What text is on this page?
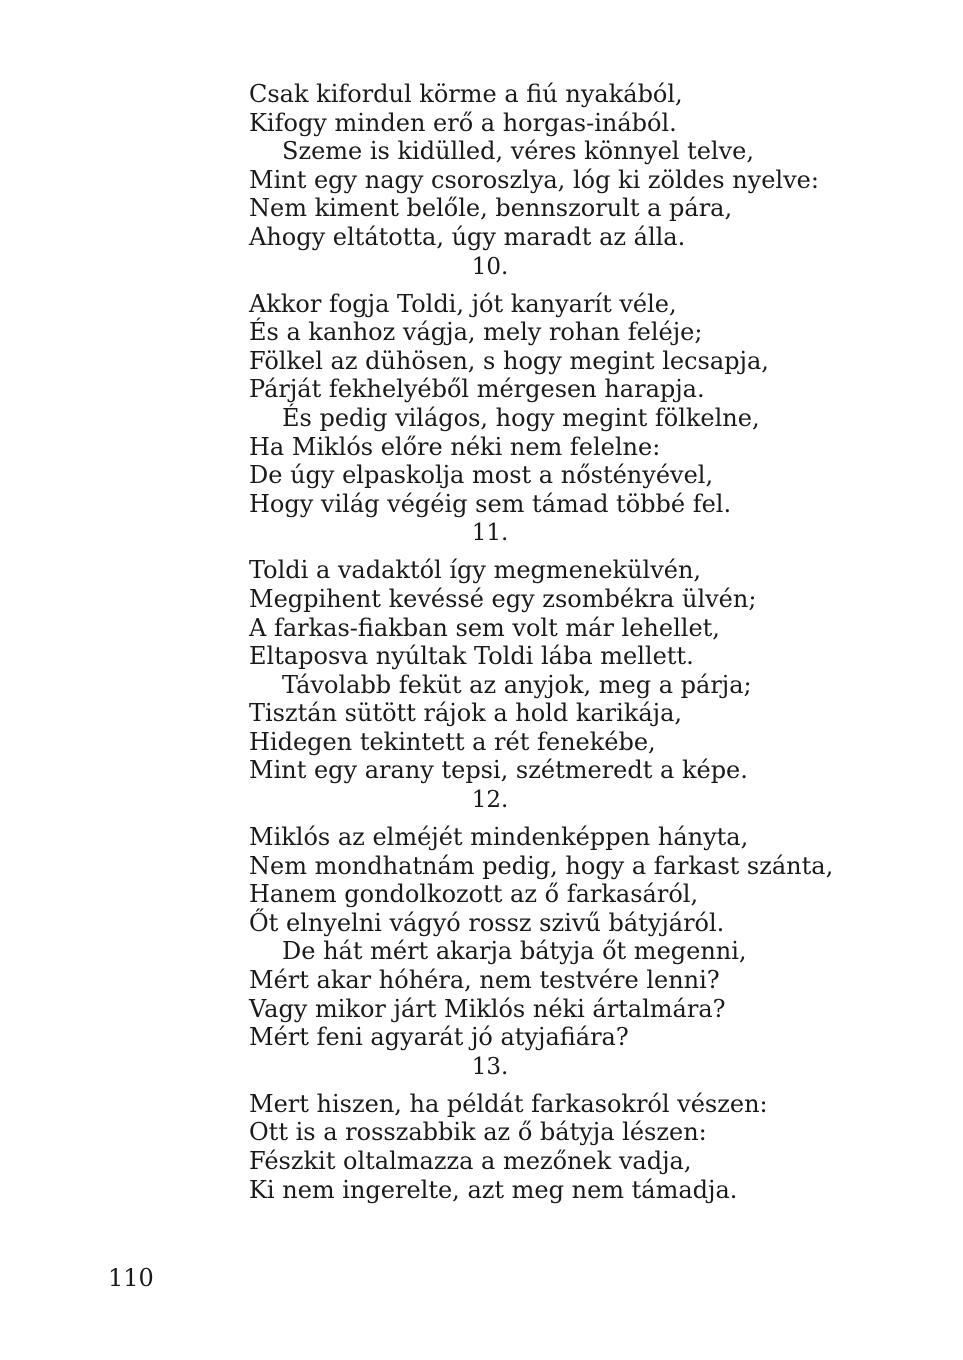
Csak kifordul körme a fiú nyakából,
Kifogy minden erő a horgas-inából.
Szeme is kidülled, véres könnyel telve,
Mint egy nagy csoroszlya, lóg ki zöldes nyelve:
Nem kiment belőle, bennszorult a pára,
Ahogy eltátotta, úgy maradt az álla.
10.
Akkor fogja Toldi, jót kanyarít véle,
És a kanhoz vágja, mely rohan feléje;
Fölkel az dühösen, s hogy megint lecsapja,
Párját fekhelyéből mérgesen harapja.
És pedig világos, hogy megint fölkelne,
Ha Miklós előre néki nem felelne:
De úgy elpaskolja most a nőstényével,
Hogy világ végéig sem támad többé fel.
11.
Toldi a vadaktól így megmenekülvén,
Megpihent kevéssé egy zsombékra ülvén;
A farkas-fiakban sem volt már lehellet,
Eltaposva nyúltak Toldi lába mellett.
Távolabb feküt az anyjok, meg a párja;
Tisztán sütött rájok a hold karikája,
Hidegen tekintett a rét fenekébe,
Mint egy arany tepsi, szétmeredt a képe.
12.
Miklós az elméjét mindenképpen hányta,
Nem mondhatnám pedig, hogy a farkast szánta,
Hanem gondolkozott az ő farkasáról,
Őt elnyelni vágyó rossz szivű bátyjáról.
De hát mért akarja bátyja őt megenni,
Mért akar hóhéra, nem testvére lenni?
Vagy mikor járt Miklós néki ártalmára?
Mért feni agyarát jó atyjafiára?
13.
Mert hiszen, ha példát farkasokról vészen:
Ott is a rosszabbik az ő bátyja lészen:
Fészkit oltalmazza a mezőnek vadja,
Ki nem ingerelte, azt meg nem támadja.
110
